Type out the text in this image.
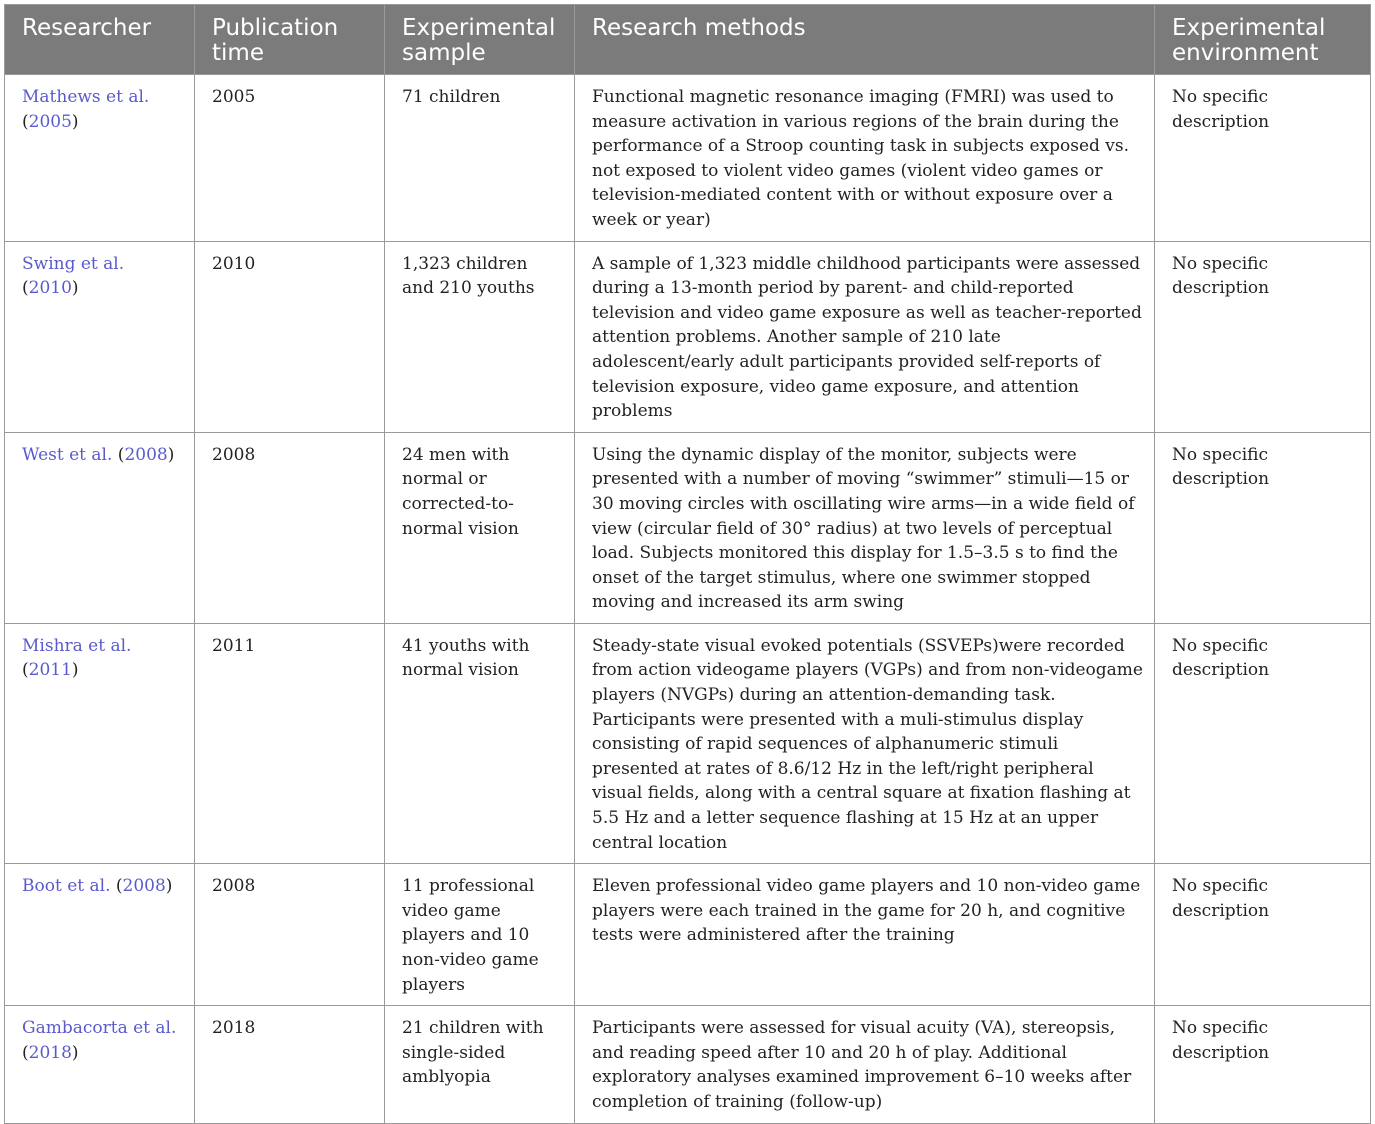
Researcher	Publication time	Experimental sample	Research methods	Experimental environment
Mathews et al. (2005)	2005	71 children	Functional magnetic resonance imaging (FMRI) was used to measure activation in various regions of the brain during the performance of a Stroop counting task in subjects exposed vs. not exposed to violent video games (violent video games or television-mediated content with or without exposure over a week or year)	No specific description
Swing et al. (2010)	2010	1,323 children and 210 youths	A sample of 1,323 middle childhood participants were assessed during a 13-month period by parent- and child-reported television and video game exposure as well as teacher-reported attention problems. Another sample of 210 late adolescent/early adult participants provided self-reports of television exposure, video game exposure, and attention problems	No specific description
West et al. (2008)	2008	24 men with normal or corrected-to-normal vision	Using the dynamic display of the monitor, subjects were presented with a number of moving “swimmer” stimuli—15 or 30 moving circles with oscillating wire arms—in a wide field of view (circular field of 30° radius) at two levels of perceptual load. Subjects monitored this display for 1.5–3.5 s to find the onset of the target stimulus, where one swimmer stopped moving and increased its arm swing	No specific description
Mishra et al. (2011)	2011	41 youths with normal vision	Steady-state visual evoked potentials (SSVEPs)were recorded from action videogame players (VGPs) and from non-videogame players (NVGPs) during an attention-demanding task. Participants were presented with a muli-stimulus display consisting of rapid sequences of alphanumeric stimuli presented at rates of 8.6/12 Hz in the left/right peripheral visual fields, along with a central square at fixation flashing at 5.5 Hz and a letter sequence flashing at 15 Hz at an upper central location	No specific description
Boot et al. (2008)	2008	11 professional video game players and 10 non-video game players	Eleven professional video game players and 10 non-video game players were each trained in the game for 20 h, and cognitive tests were administered after the training	No specific description
Gambacorta et al. (2018)	2018	21 children with single-sided amblyopia	Participants were assessed for visual acuity (VA), stereopsis, and reading speed after 10 and 20 h of play. Additional exploratory analyses examined improvement 6–10 weeks after completion of training (follow-up)	No specific description
